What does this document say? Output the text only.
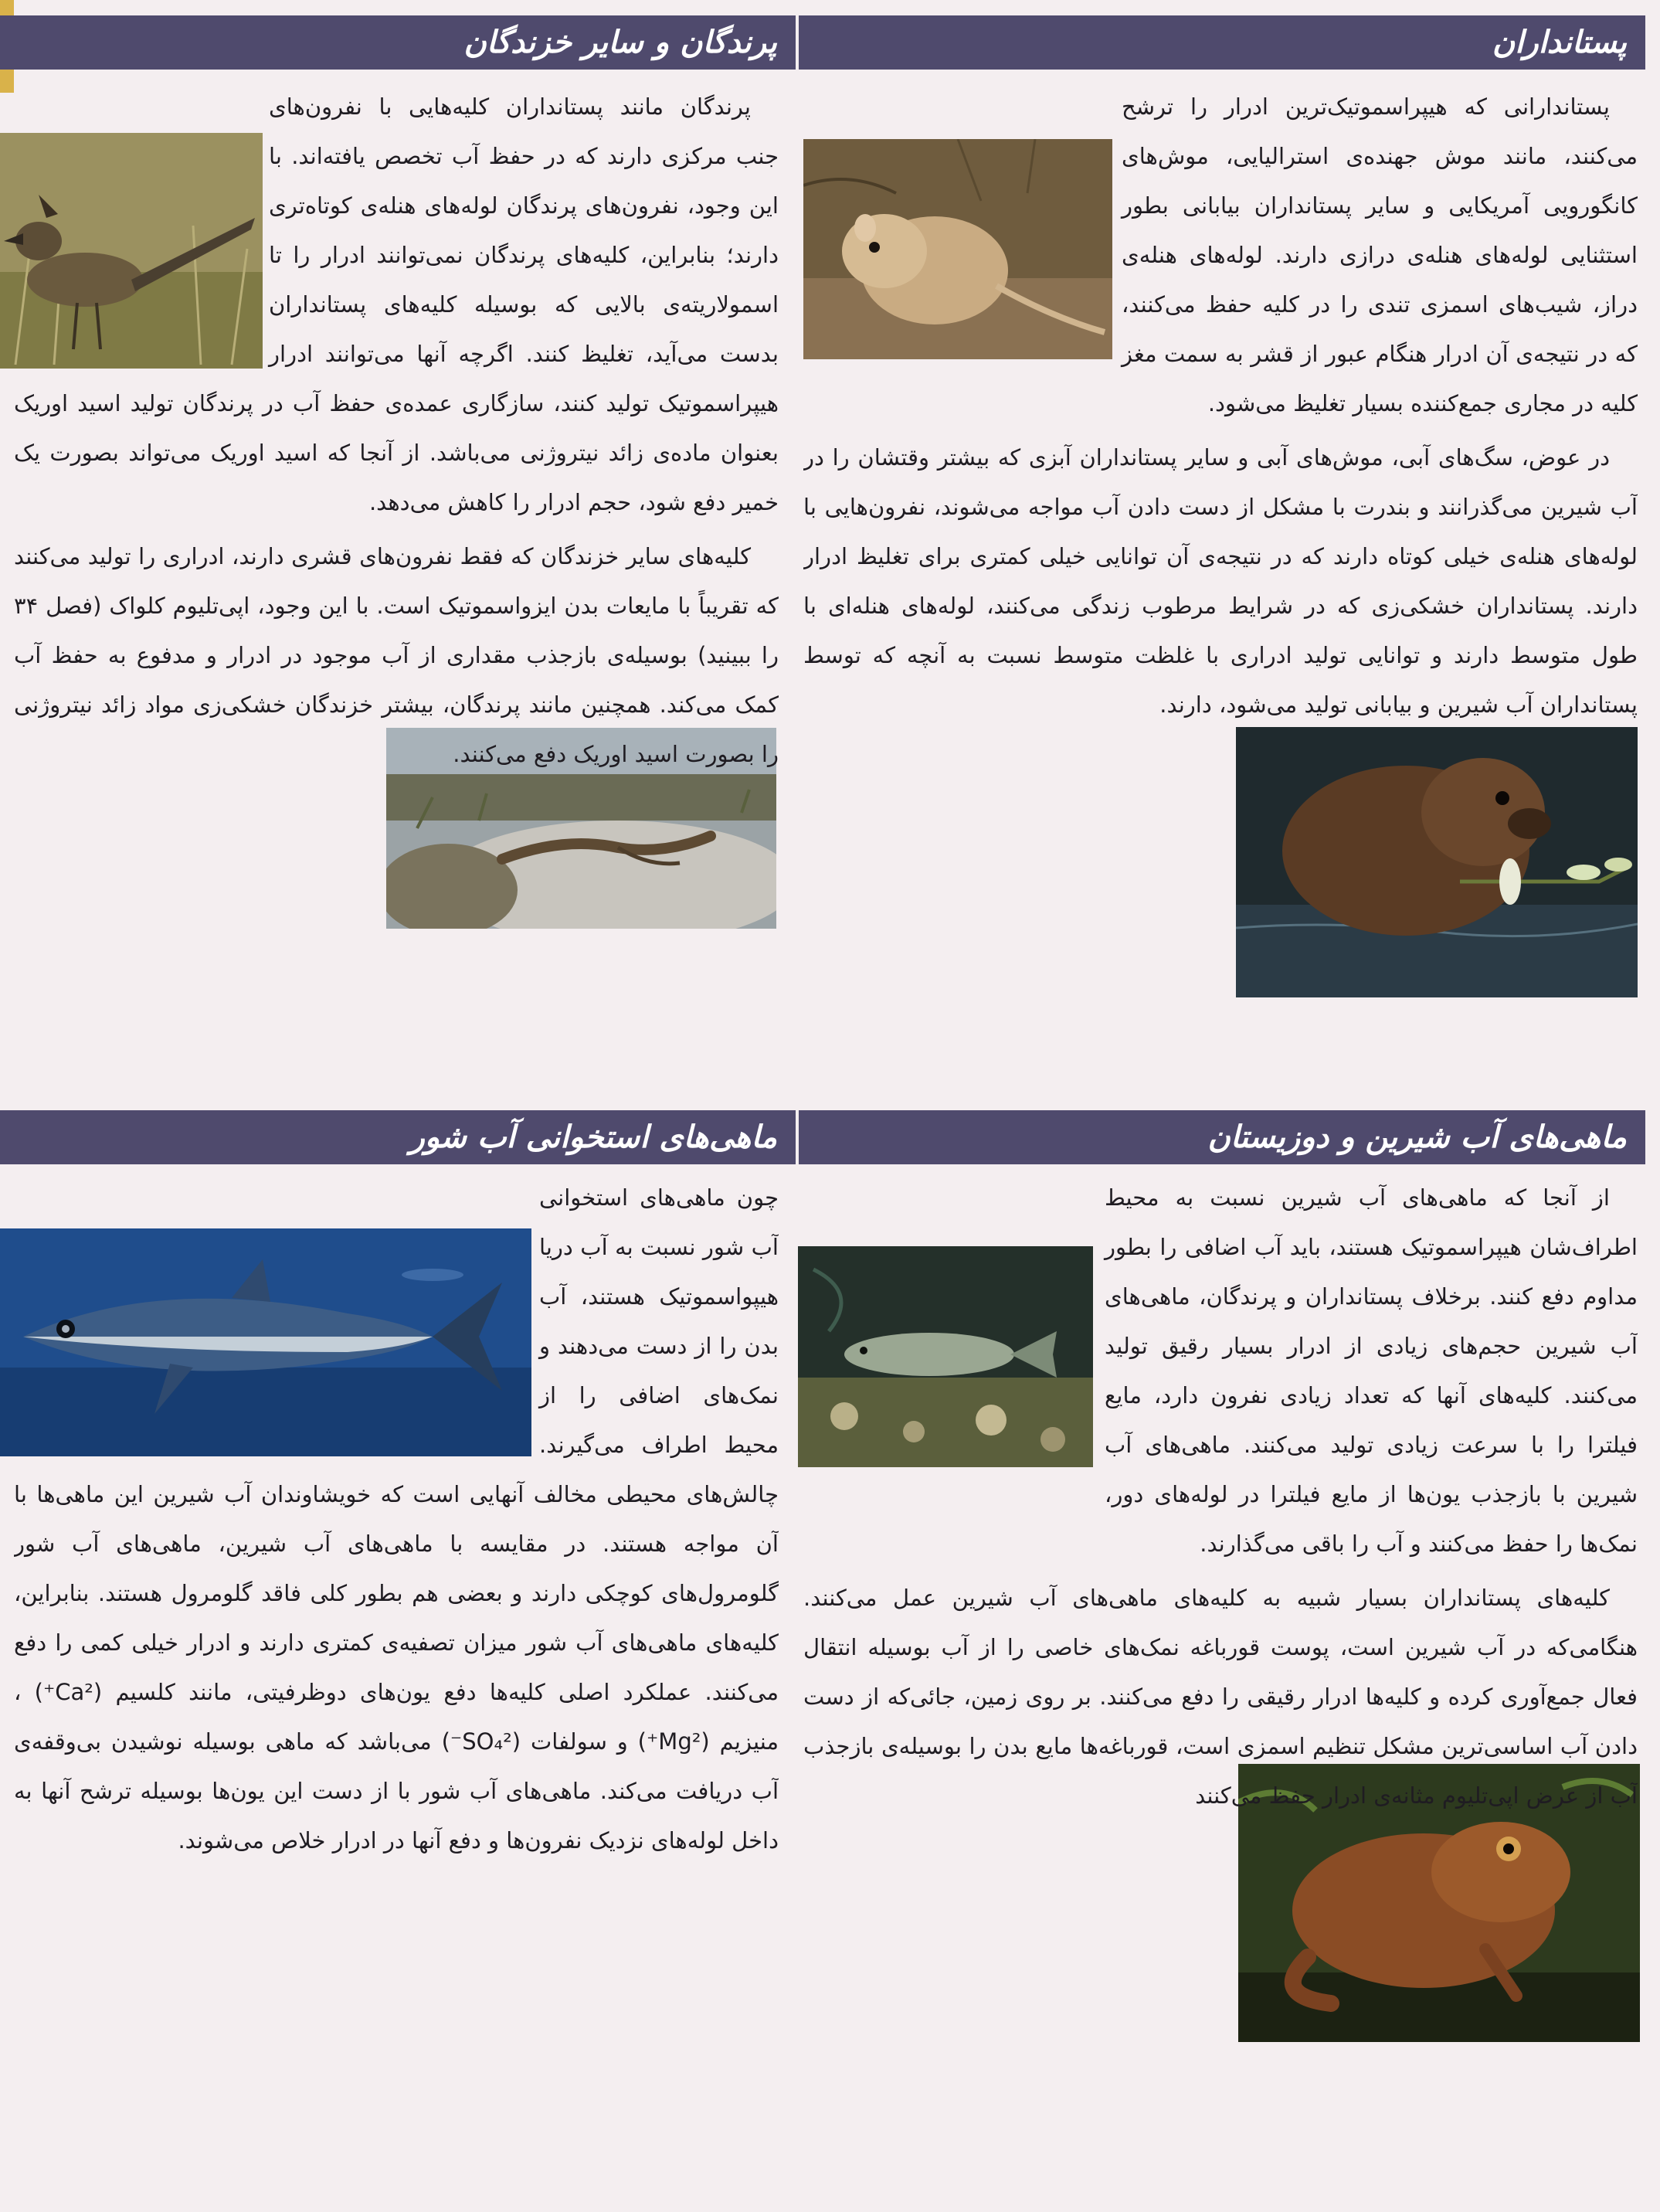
پستانداران
پرندگان و سایر خزندگان
ماهی‌های آب شیرین و دوزیستان
ماهی‌های استخوانی آب شور

پستاندارانی که هیپراسموتیک‌ترین ادرار را ترشح می‌کنند، مانند موش جهنده‌ی استرالیایی، موش‌های کانگورویی آمریکایی و سایر پستانداران بیابانی بطور استثنایی لوله‌های هنله‌ی درازی دارند. لوله‌های هنله‌ی دراز، شیب‌های اسمزی تندی را در کلیه حفظ می‌کنند، که در نتیجه‌ی آن ادرار هنگام عبور از قشر به سمت مغز کلیه در مجاری جمع‌کننده بسیار تغلیظ می‌شود.

در عوض، سگ‌های آبی، موش‌های آبی و سایر پستانداران آبزی که بیشتر وقتشان را در آب شیرین می‌گذرانند و بندرت با مشکل از دست دادن آب مواجه می‌شوند، نفرون‌هایی با لوله‌های هنله‌ی خیلی کوتاه دارند که در نتیجه‌ی آن توانایی خیلی کمتری برای تغلیظ ادرار دارند. پستانداران خشکی‌زی که در شرایط مرطوب زندگی می‌کنند، لوله‌های هنله‌ای با طول متوسط دارند و توانایی تولید ادراری با غلظت متوسط نسبت به آنچه که توسط پستانداران آب شیرین و بیابانی تولید می‌شود، دارند.

پرندگان مانند پستانداران کلیه‌هایی با نفرون‌های جنب مرکزی دارند که در حفظ آب تخصص یافته‌اند. با این وجود، نفرون‌های پرندگان لوله‌های هنله‌ی کوتاه‌تری دارند؛ بنابراین، کلیه‌های پرندگان نمی‌توانند ادرار را تا اسمولاریته‌ی بالایی که بوسیله کلیه‌های پستانداران بدست می‌آید، تغلیظ کنند. اگرچه آنها می‌توانند ادرار هیپراسموتیک تولید کنند، سازگاری عمده‌ی حفظ آب در پرندگان تولید اسید اوریک بعنوان ماده‌ی زائد نیتروژنی می‌باشد. از آنجا که اسید اوریک می‌تواند بصورت یک خمیر دفع شود، حجم ادرار را کاهش می‌دهد.

کلیه‌های سایر خزندگان که فقط نفرون‌های قشری دارند، ادراری را تولید می‌کنند که تقریباً با مایعات بدن ایزواسموتیک است. با این وجود، اپی‌تلیوم کلواک (فصل ۳۴ را ببینید) بوسیله‌ی بازجذب مقداری از آب موجود در ادرار و مدفوع به حفظ آب کمک می‌کند. همچنین مانند پرندگان، بیشتر خزندگان خشکی‌زی مواد زائد نیتروژنی را بصورت اسید اوریک دفع می‌کنند.

از آنجا که ماهی‌های آب شیرین نسبت به محیط اطراف‌شان هیپراسموتیک هستند، باید آب اضافی را بطور مداوم دفع کنند. برخلاف پستانداران و پرندگان، ماهی‌های آب شیرین حجم‌های زیادی از ادرار بسیار رقیق تولید می‌کنند. کلیه‌های آنها که تعداد زیادی نفرون دارد، مایع فیلترا را با سرعت زیادی تولید می‌کنند. ماهی‌های آب شیرین با بازجذب یون‌ها از مایع فیلترا در لوله‌های دور، نمک‌ها را حفظ می‌کنند و آب را باقی می‌گذارند.

کلیه‌های پستانداران بسیار شبیه به کلیه‌های ماهی‌های آب شیرین عمل می‌کنند. هنگامی‌که در آب شیرین است، پوست قورباغه نمک‌های خاصی را از آب بوسیله انتقال فعال جمع‌آوری کرده و کلیه‌ها ادرار رقیقی را دفع می‌کنند. بر روی زمین، جائی‌که از دست دادن آب اساسی‌ترین مشکل تنظیم اسمزی است، قورباغه‌ها مایع بدن را بوسیله‌ی بازجذب آب از عرض اپی‌تلیوم مثانه‌ی ادرار حفظ می‌کنند

چون ماهی‌های استخوانی آب شور نسبت به آب دریا هیپواسموتیک هستند، آب بدن را از دست می‌دهند و نمک‌های اضافی را از محیط اطراف می‌گیرند. چالش‌های محیطی مخالف آنهایی است که خویشاوندان آب شیرین این ماهی‌ها با آن مواجه هستند. در مقایسه با ماهی‌های آب شیرین، ماهی‌های آب شور گلومرول‌های کوچکی دارند و بعضی هم بطور کلی فاقد گلومرول هستند. بنابراین، کلیه‌های ماهی‌های آب شور میزان تصفیه‌ی کمتری دارند و ادرار خیلی کمی را دفع می‌کنند. عملکرد اصلی کلیه‌ها دفع یون‌های دوظرفیتی، مانند کلسیم (Ca²⁺) ، منیزیم (Mg²⁺) و سولفات (SO₄²⁻) می‌باشد که ماهی بوسیله نوشیدن بی‌وقفه‌ی آب دریافت می‌کند. ماهی‌های آب شور با از دست این یون‌ها بوسیله ترشح آنها به داخل لوله‌های نزدیک نفرون‌ها و دفع آنها در ادرار خلاص می‌شوند.
